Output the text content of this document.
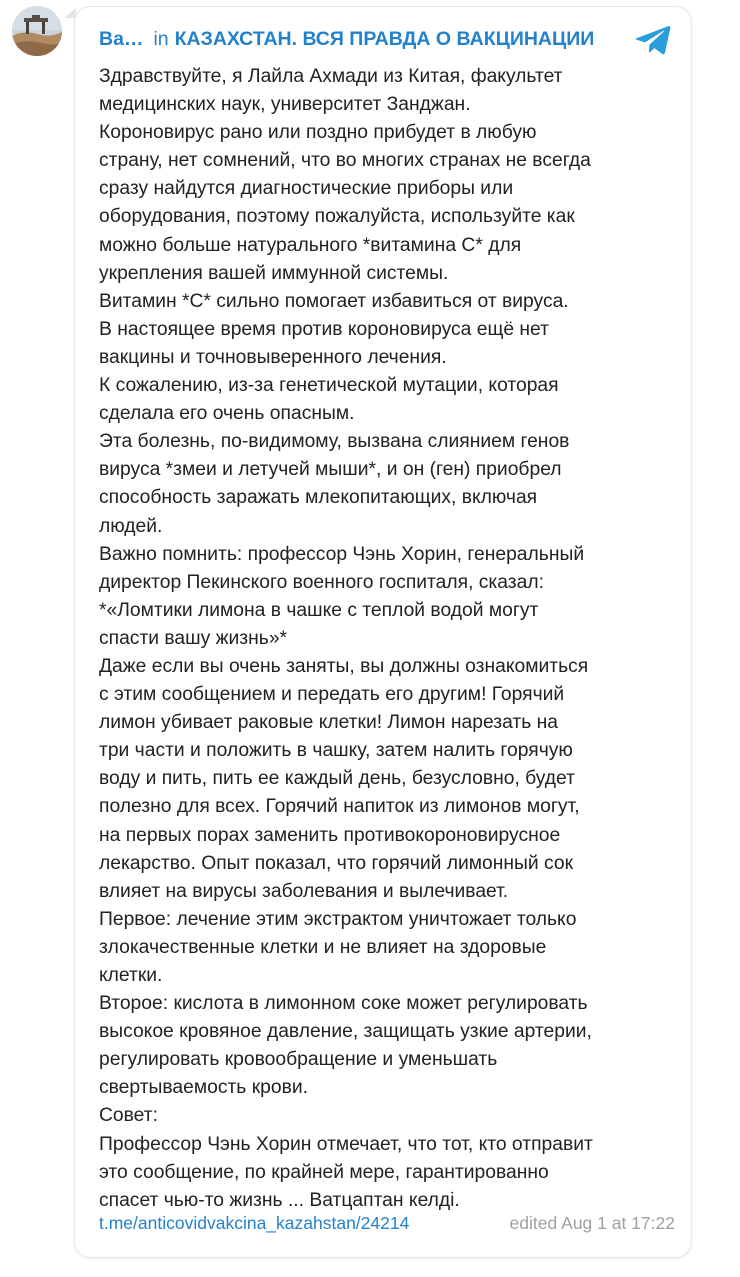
Ва… in КАЗАХСТАН. ВСЯ ПРАВДА О ВАКЦИНАЦИИ

Здравствуйте, я Лайла Ахмади из Китая, факультет

медицинских наук, университет Занджан.

Короновирус рано или поздно прибудет в любую

страну, нет сомнений, что во многих странах не всегда

сразу найдутся диагностические приборы или

оборудования, поэтому пожалуйста, используйте как

можно больше натурального *витамина С* для

укрепления вашей иммунной системы.

Витамин *С* сильно помогает избавиться от вируса.

В настоящее время против короновируса ещё нет

вакцины и точновыверенного лечения.

К сожалению, из-за генетической мутации, которая

сделала его очень опасным.

Эта болезнь, по-видимому, вызвана слиянием генов

вируса *змеи и летучей мыши*, и он (ген) приобрел

способность заражать млекопитающих, включая

людей.

Важно помнить: профессор Чэнь Хорин, генеральный

директор Пекинского военного госпиталя, сказал:

*«Ломтики лимона в чашке с теплой водой могут

спасти вашу жизнь»*

Даже если вы очень заняты, вы должны ознакомиться

с этим сообщением и передать его другим! Горячий

лимон убивает раковые клетки! Лимон нарезать на

три части и положить в чашку, затем налить горячую

воду и пить, пить ее каждый день, безусловно, будет

полезно для всех. Горячий напиток из лимонов могут,

на первых порах заменить противокороновирусное

лекарство. Опыт показал, что горячий лимонный сок

влияет на вирусы заболевания и вылечивает.

Первое: лечение этим экстрактом уничтожает только

злокачественные клетки и не влияет на здоровые

клетки.

Второе: кислота в лимонном соке может регулировать

высокое кровяное давление, защищать узкие артерии,

регулировать кровообращение и уменьшать

свертываемость крови.

Совет:

Профессор Чэнь Хорин отмечает, что тот, кто отправит

это сообщение, по крайней мере, гарантированно

спасет чью-то жизнь ... Ватцаптан келді.

t.me/anticovidvakcina_kazahstan/24214	edited Aug 1 at 17:22
